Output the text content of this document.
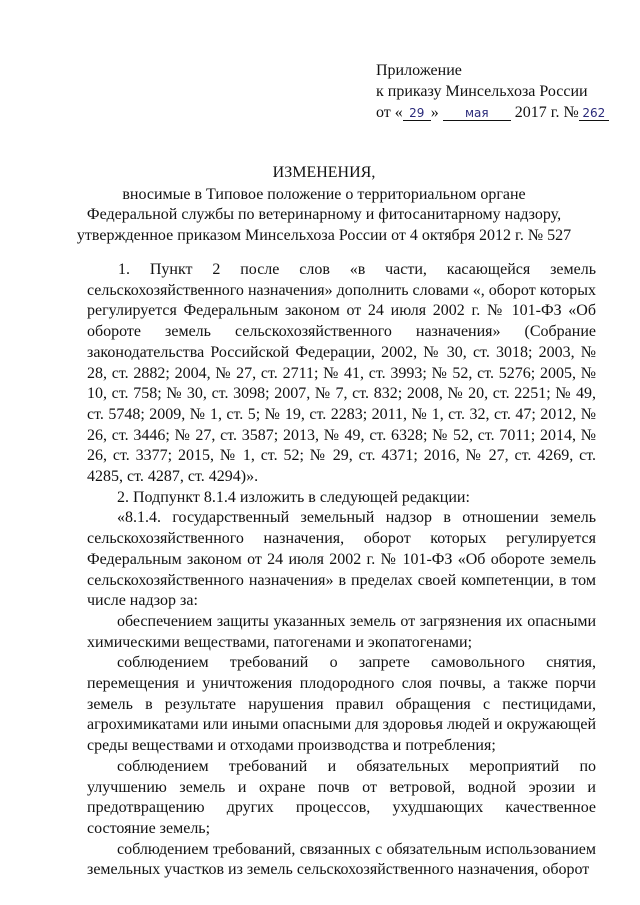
Приложение
к приказу Минсельхоза России
от « 29 » мая 2017 г. № 262
ИЗМЕНЕНИЯ,
вносимые в Типовое положение о территориальном органе
Федеральной службы по ветеринарному и фитосанитарному надзору,
утвержденное приказом Минсельхоза России от 4 октября 2012 г. № 527

1. Пункт 2 после слов «в части, касающейся земель сельскохозяйственного назначения» дополнить словами «, оборот которых регулируется Федеральным законом от 24 июля 2002 г. № 101-ФЗ «Об обороте земель сельскохозяйственного назначения» (Собрание законодательства Российской Федерации, 2002, № 30, ст. 3018; 2003, № 28, ст. 2882; 2004, № 27, ст. 2711; № 41, ст. 3993; № 52, ст. 5276; 2005, № 10, ст. 758; № 30, ст. 3098; 2007, № 7, ст. 832; 2008, № 20, ст. 2251; № 49, ст. 5748; 2009, № 1, ст. 5; № 19, ст. 2283; 2011, № 1, ст. 32, ст. 47; 2012, № 26, ст. 3446; № 27, ст. 3587; 2013, № 49, ст. 6328; № 52, ст. 7011; 2014, № 26, ст. 3377; 2015, № 1, ст. 52; № 29, ст. 4371; 2016, № 27, ст. 4269, ст. 4285, ст. 4287, ст. 4294)».

2. Подпункт 8.1.4 изложить в следующей редакции:

«8.1.4. государственный земельный надзор в отношении земель сельскохозяйственного назначения, оборот которых регулируется Федеральным законом от 24 июля 2002 г. № 101-ФЗ «Об обороте земель сельскохозяйственного назначения» в пределах своей компетенции, в том числе надзор за:

обеспечением защиты указанных земель от загрязнения их опасными химическими веществами, патогенами и экопатогенами;

соблюдением требований о запрете самовольного снятия, перемещения и уничтожения плодородного слоя почвы, а также порчи земель в результате нарушения правил обращения с пестицидами, агрохимикатами или иными опасными для здоровья людей и окружающей среды веществами и отходами производства и потребления;

соблюдением требований и обязательных мероприятий по улучшению земель и охране почв от ветровой, водной эрозии и предотвращению других процессов, ухудшающих качественное состояние земель;

соблюдением требований, связанных с обязательным использованием земельных участков из земель сельскохозяйственного назначения, оборот
